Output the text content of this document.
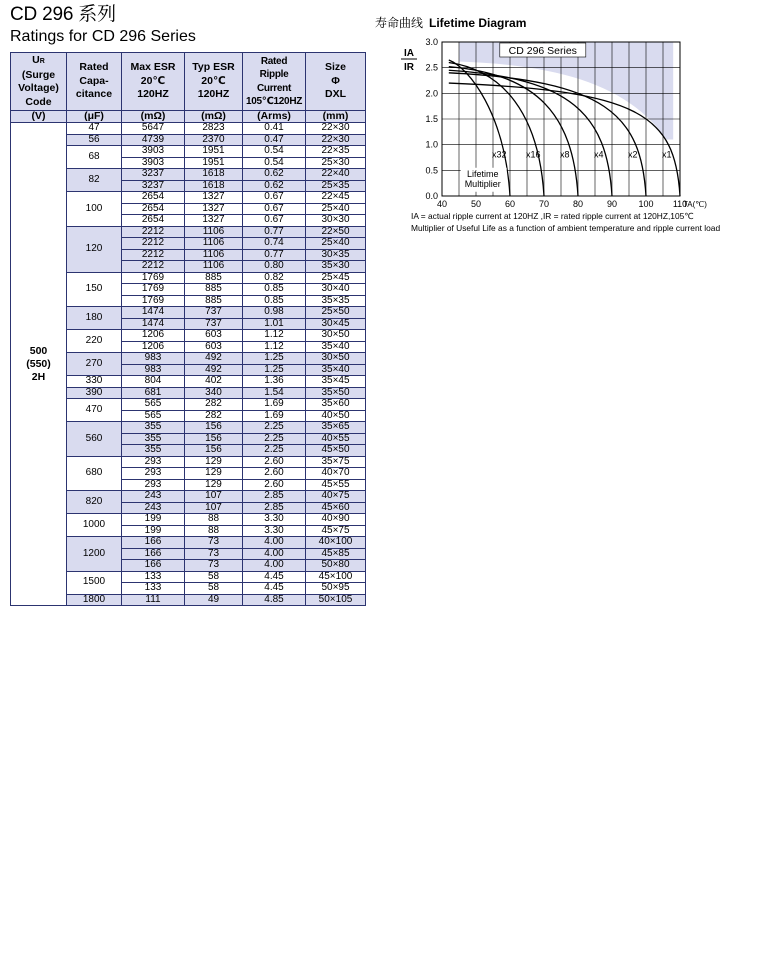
CD 296 系列
Ratings for CD 296 Series
UR
(Surge
Voltage)
Code	Rated
Capa-
citance	Max ESR
20℃
120HZ	Typ ESR
20℃
120HZ	Rated
Ripple
Current
105℃120HZ	Size
Φ
DXL
(V)	(μF)	(mΩ)	(mΩ)	(Arms)	(mm)
500
(550)
2H	47	5647	2823	0.41	22×30
	56	4739	2370	0.47	22×30
	68	3903	1951	0.54	22×35
		3903	1951	0.54	25×30
	82	3237	1618	0.62	22×40
		3237	1618	0.62	25×35
	100	2654	1327	0.67	22×45
		2654	1327	0.67	25×40
		2654	1327	0.67	30×30
	120	2212	1106	0.77	22×50
		2212	1106	0.74	25×40
		2212	1106	0.77	30×35
		2212	1106	0.80	35×30
	150	1769	885	0.82	25×45
		1769	885	0.85	30×40
		1769	885	0.85	35×35
	180	1474	737	0.98	25×50
		1474	737	1.01	30×45
	220	1206	603	1.12	30×50
		1206	603	1.12	35×40
	270	983	492	1.25	30×50
		983	492	1.25	35×40
	330	804	402	1.36	35×45
	390	681	340	1.54	35×50
	470	565	282	1.69	35×60
		565	282	1.69	40×50
	560	355	156	2.25	35×65
		355	156	2.25	40×55
		355	156	2.25	45×50
	680	293	129	2.60	35×75
		293	129	2.60	40×70
		293	129	2.60	45×55
	820	243	107	2.85	40×75
		243	107	2.85	45×60
	1000	199	88	3.30	40×90
		199	88	3.30	45×75
	1200	166	73	4.00	40×100
		166	73	4.00	45×85
		166	73	4.00	50×80
	1500	133	58	4.45	45×100
		133	58	4.45	50×95
	1800	111	49	4.85	50×105
寿命曲线 Lifetime Diagram
x32 x16 x8	x4	x2	x1
CD 296 Series
Lifetime
Multiplier
3.0
2.5
2.0
1.5
1.0
0.5
0.0
40	50	60	70	80	90 100 110
TA(℃)
IA
IR
IA = actual ripple current at 120HZ ,IR = rated ripple current at 120HZ,105℃
Multiplier of Useful Life as a function of ambient temperature and ripple current load
